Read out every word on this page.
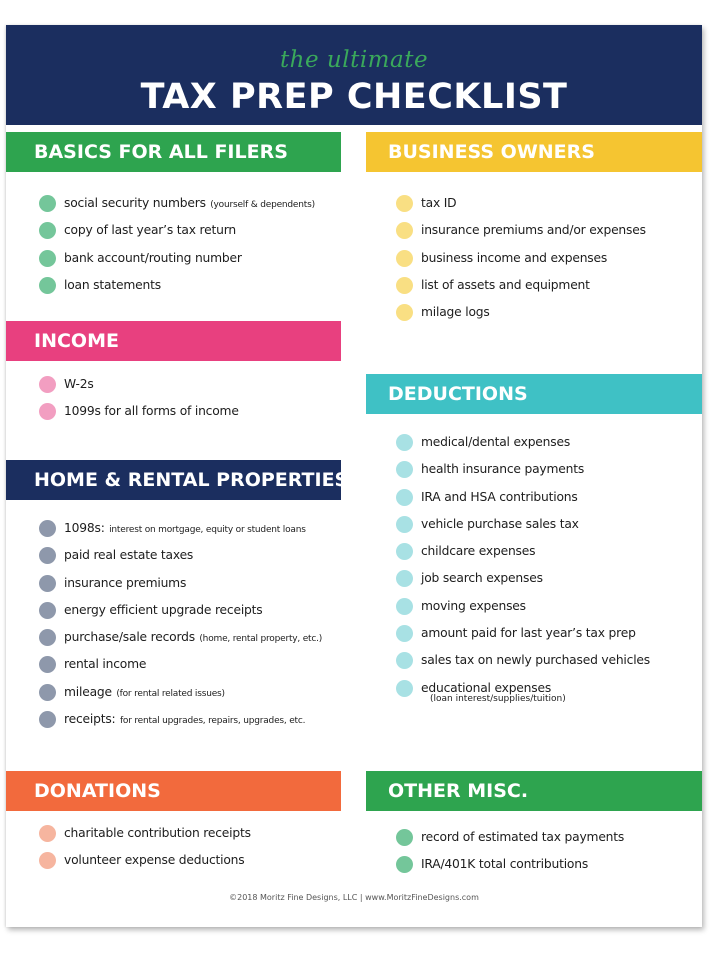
the ultimate
TAX PREP CHECKLIST
BASICS FOR ALL FILERS
social security numbers (yourself & dependents)
copy of last year’s tax return
bank account/routing number
loan statements
BUSINESS OWNERS
tax ID
insurance premiums and/or expenses
business income and expenses
list of assets and equipment
milage logs
INCOME
W-2s
1099s for all forms of income
DEDUCTIONS
medical/dental expenses
health insurance payments
IRA and HSA contributions
vehicle purchase sales tax
childcare expenses
job search expenses
moving expenses
amount paid for last year’s tax prep
sales tax on newly purchased vehicles
educational expenses
(loan interest/supplies/tuition)
HOME & RENTAL PROPERTIES
1098s: interest on mortgage, equity or student loans
paid real estate taxes
insurance premiums
energy efficient upgrade receipts
purchase/sale records (home, rental property, etc.)
rental income
mileage (for rental related issues)
receipts: for rental upgrades, repairs, upgrades, etc.
DONATIONS
charitable contribution receipts
volunteer expense deductions
OTHER MISC.
record of estimated tax payments
IRA/401K total contributions
©2018 Moritz Fine Designs, LLC | www.MoritzFineDesigns.com
